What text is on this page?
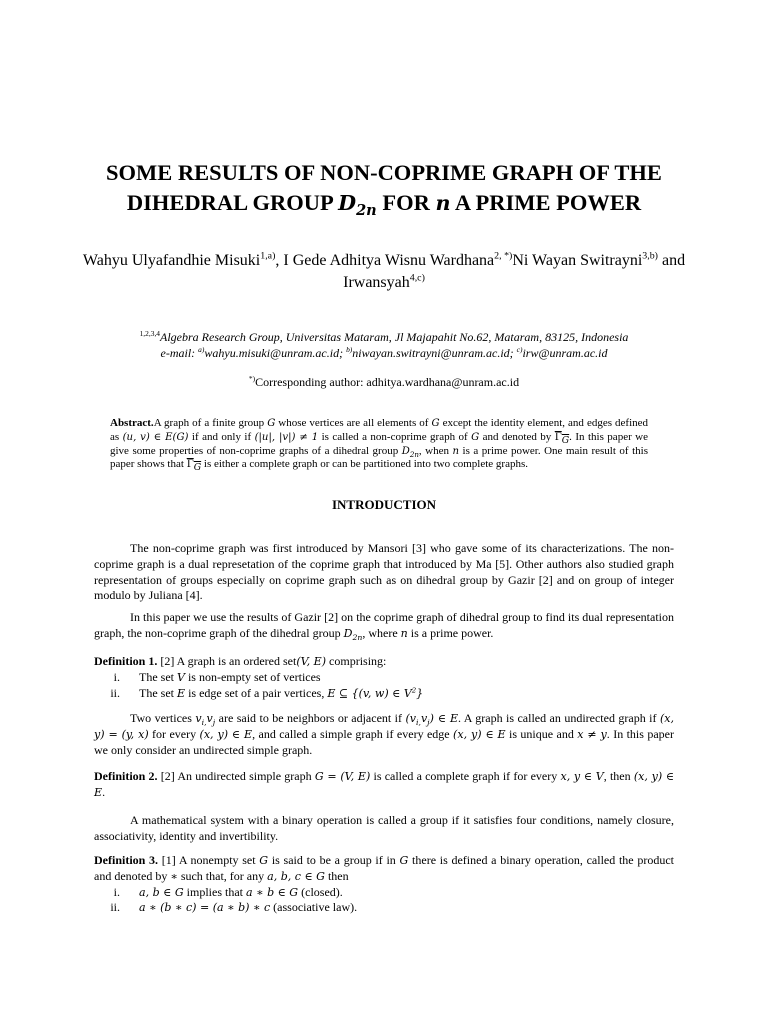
SOME RESULTS OF NON-COPRIME GRAPH OF THE
DIHEDRAL GROUP $D_{2n}$ FOR n A PRIME POWER
Wahyu Ulyafandhie Misuki$^{1,a)}$, I Gede Adhitya Wisnu Wardhana$^{2, *)}$Ni Wayan Switrayni$^{3,b)}$ and Irwansyah$^{4,c)}$
$^{1,2,3,4}$Algebra Research Group, Universitas Mataram, Jl Majapahit No.62, Mataram, 83125, Indonesia
e-mail: $^{a)}$wahyu.misuki@unram.ac.id; $^{b)}$niwayan.switrayni@unram.ac.id; $^{c)}$irw@unram.ac.id
*)Corresponding author: adhitya.wardhana@unram.ac.id
Abstract.A graph of a finite group G whose vertices are all elements of G except the identity element, and edges defined as (u, v) ∈ E(G) if and only if (|u|, |v|) ≠ 1 is called a non-coprime graph of G and denoted by $\Gamma_G$. In this paper we give some properties of non-coprime graphs of a dihedral group $D_{2n}$, when n is a prime power. One main result of this paper shows that $\Gamma_G$ is either a complete graph or can be partitioned into two complete graphs.
INTRODUCTION
The non-coprime graph was first introduced by Mansori [3] who gave some of its characterizations. The non-coprime graph is a dual represetation of the coprime graph that introduced by Ma [5]. Other authors also studied graph representation of groups especially on coprime graph such as on dihedral group by Gazir [2] and on group of integer modulo by Juliana [4].
In this paper we use the results of Gazir [2] on the coprime graph of dihedral group to find its dual representation graph, the non-coprime graph of the dihedral group $D_{2n}$, where n is a prime power.
Definition 1. [2] A graph is an ordered set(V, E) comprising:
i. The set V is non-empty set of vertices
ii. The set E is edge set of a pair vertices, E ⊆ {(v, w) ∈ $V^2$}
Two vertices $v_{i,}v_j$ are said to be neighbors or adjacent if $(v_{i,}v_j)$ ∈ E. A graph is called an undirected graph if (x, y) = (y, x) for every (x, y) ∈ E, and called a simple graph if every edge (x, y) ∈ E is unique and x ≠ y. In this paper we only consider an undirected simple graph.
Definition 2. [2] An undirected simple graph G = (V, E) is called a complete graph if for every x, y ∈ V, then (x, y) ∈ E.
A mathematical system with a binary operation is called a group if it satisfies four conditions, namely closure, associativity, identity and invertibility.
Definition 3. [1] A nonempty set G is said to be a group if in G there is defined a binary operation, called the product and denoted by ∗ such that, for any a, b, c ∈ G then
i. a, b ∈ G implies that a ∗ b ∈ G (closed).
ii. a ∗ (b ∗ c) = (a ∗ b) ∗ c (associative law).
